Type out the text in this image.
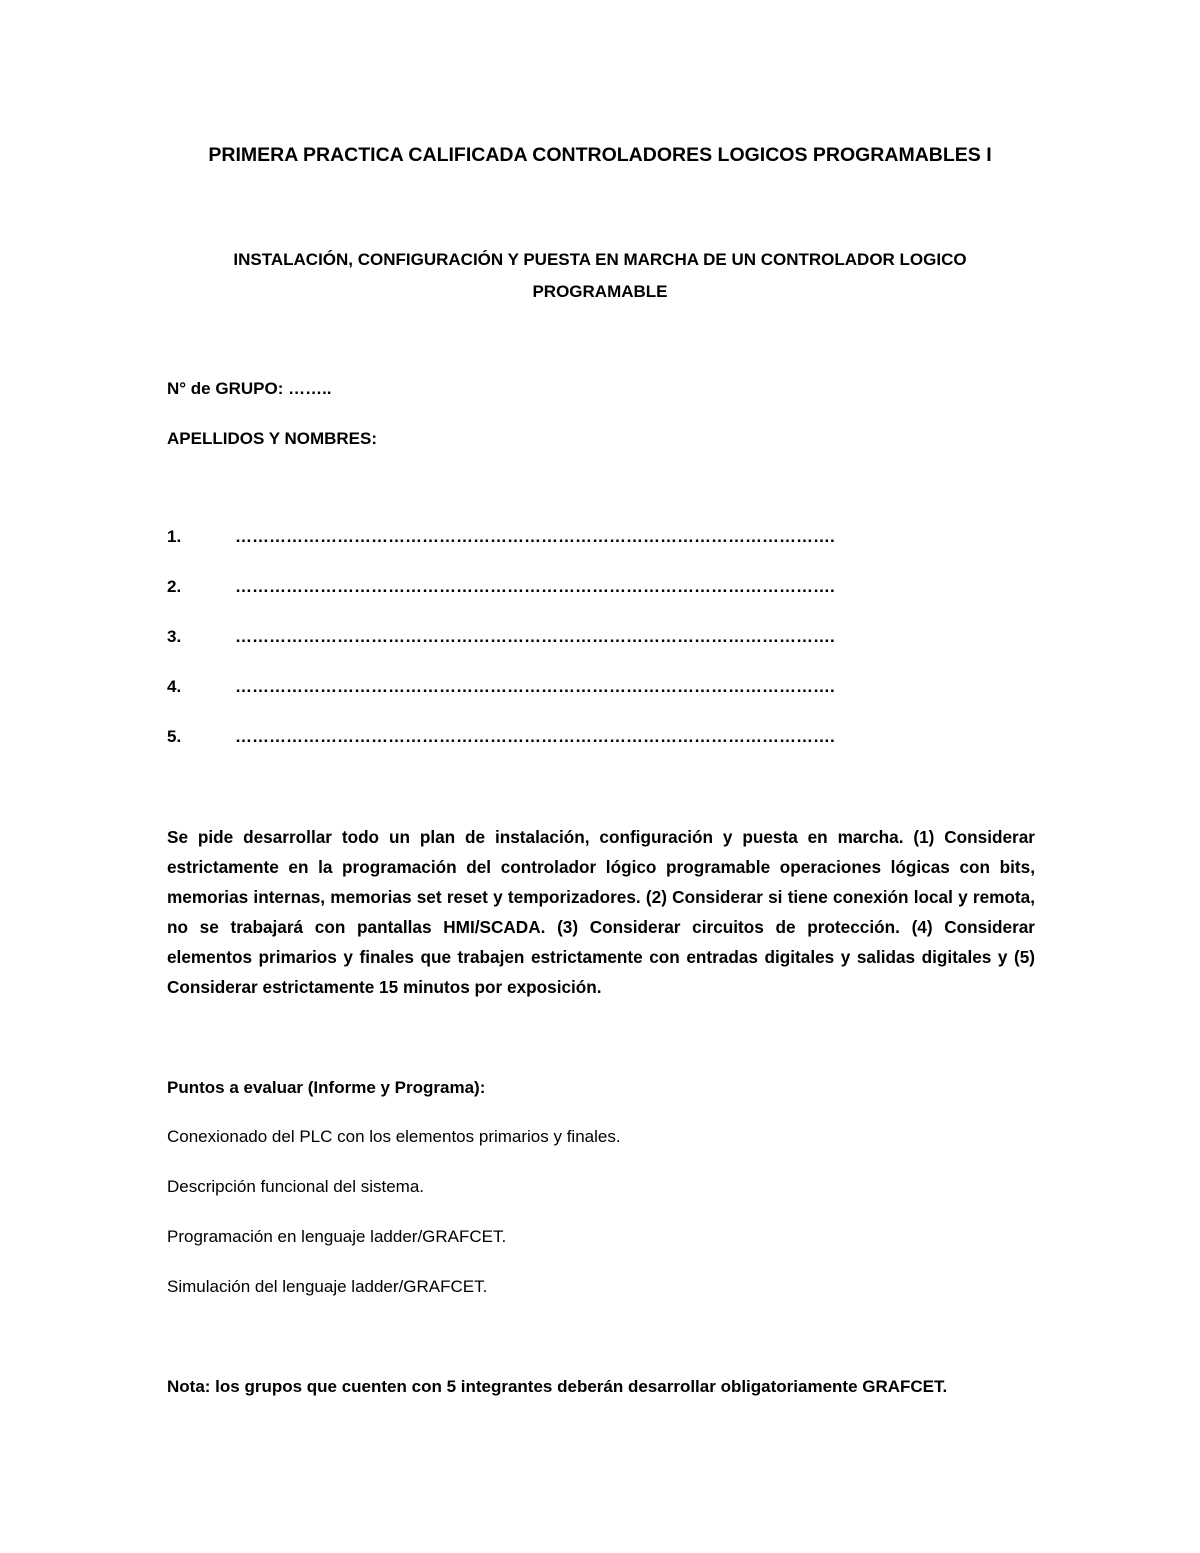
PRIMERA PRACTICA CALIFICADA CONTROLADORES LOGICOS PROGRAMABLES I
INSTALACIÓN, CONFIGURACIÓN Y PUESTA EN MARCHA DE UN CONTROLADOR LOGICO PROGRAMABLE
N° de GRUPO: ……..
APELLIDOS Y NOMBRES:
1.	…………………………………………………………………………………………….
2.	…………………………………………………………………………………………….
3.	…………………………………………………………………………………………….
4.	…………………………………………………………………………………………….
5.	…………………………………………………………………………………………….

Se pide desarrollar todo un plan de instalación, configuración y puesta en marcha. (1) Considerar estrictamente en la programación del controlador lógico programable operaciones lógicas con bits, memorias internas, memorias set reset y temporizadores. (2) Considerar si tiene conexión local y remota, no se trabajará con pantallas HMI/SCADA. (3) Considerar circuitos de protección. (4) Considerar elementos primarios y finales que trabajen estrictamente con entradas digitales y salidas digitales y (5) Considerar estrictamente 15 minutos por exposición.

Puntos a evaluar (Informe y Programa):
Conexionado del PLC con los elementos primarios y finales.
Descripción funcional del sistema.
Programación en lenguaje ladder/GRAFCET.
Simulación del lenguaje ladder/GRAFCET.
Nota: los grupos que cuenten con 5 integrantes deberán desarrollar obligatoriamente GRAFCET.
